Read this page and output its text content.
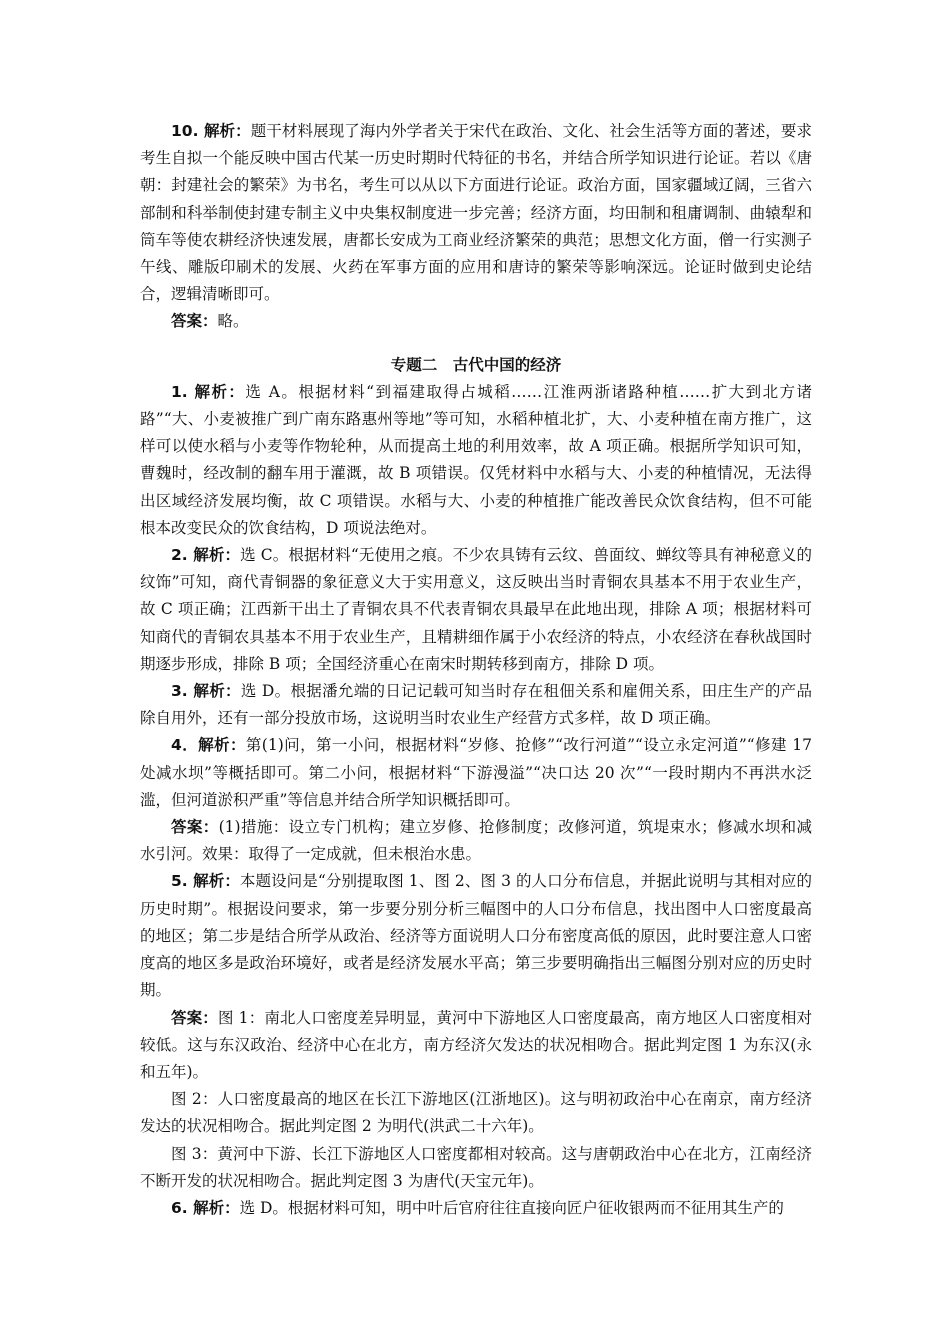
10. 解析：题干材料展现了海内外学者关于宋代在政治、文化、社会生活等方面的著述，要求考生自拟一个能反映中国古代某一历史时期时代特征的书名，并结合所学知识进行论证。若以《唐朝：封建社会的繁荣》为书名，考生可以从以下方面进行论证。政治方面，国家疆域辽阔，三省六部制和科举制使封建专制主义中央集权制度进一步完善；经济方面，均田制和租庸调制、曲辕犁和筒车等使农耕经济快速发展，唐都长安成为工商业经济繁荣的典范；思想文化方面，僧一行实测子午线、雕版印刷术的发展、火药在军事方面的应用和唐诗的繁荣等影响深远。论证时做到史论结合，逻辑清晰即可。

答案：略。

专题二　古代中国的经济

1. 解析：选 A。根据材料“到福建取得占城稻……江淮两浙诸路种植……扩大到北方诸路”“大、小麦被推广到广南东路惠州等地”等可知，水稻种植北扩，大、小麦种植在南方推广，这样可以使水稻与小麦等作物轮种，从而提高土地的利用效率，故 A 项正确。根据所学知识可知，曹魏时，经改制的翻车用于灌溉，故 B 项错误。仅凭材料中水稻与大、小麦的种植情况，无法得出区域经济发展均衡，故 C 项错误。水稻与大、小麦的种植推广能改善民众饮食结构，但不可能根本改变民众的饮食结构，D 项说法绝对。

2. 解析：选 C。根据材料“无使用之痕。不少农具铸有云纹、兽面纹、蝉纹等具有神秘意义的纹饰”可知，商代青铜器的象征意义大于实用意义，这反映出当时青铜农具基本不用于农业生产，故 C 项正确；江西新干出土了青铜农具不代表青铜农具最早在此地出现，排除 A 项；根据材料可知商代的青铜农具基本不用于农业生产，且精耕细作属于小农经济的特点，小农经济在春秋战国时期逐步形成，排除 B 项；全国经济重心在南宋时期转移到南方，排除 D 项。

3. 解析：选 D。根据潘允端的日记记载可知当时存在租佃关系和雇佣关系，田庄生产的产品除自用外，还有一部分投放市场，这说明当时农业生产经营方式多样，故 D 项正确。

4．解析：第(1)问，第一小问，根据材料“岁修、抢修”“改行河道”“设立永定河道”“修建 17 处减水坝”等概括即可。第二小问，根据材料“下游漫溢”“决口达 20 次”“一段时期内不再洪水泛滥，但河道淤积严重”等信息并结合所学知识概括即可。

答案：(1)措施：设立专门机构；建立岁修、抢修制度；改修河道，筑堤束水；修减水坝和减水引河。效果：取得了一定成就，但未根治水患。

5. 解析：本题设问是“分别提取图 1、图 2、图 3 的人口分布信息，并据此说明与其相对应的历史时期”。根据设问要求，第一步要分别分析三幅图中的人口分布信息，找出图中人口密度最高的地区；第二步是结合所学从政治、经济等方面说明人口分布密度高低的原因，此时要注意人口密度高的地区多是政治环境好，或者是经济发展水平高；第三步要明确指出三幅图分别对应的历史时期。

答案：图 1：南北人口密度差异明显，黄河中下游地区人口密度最高，南方地区人口密度相对较低。这与东汉政治、经济中心在北方，南方经济欠发达的状况相吻合。据此判定图 1 为东汉(永和五年)。

图 2：人口密度最高的地区在长江下游地区(江浙地区)。这与明初政治中心在南京，南方经济发达的状况相吻合。据此判定图 2 为明代(洪武二十六年)。

图 3：黄河中下游、长江下游地区人口密度都相对较高。这与唐朝政治中心在北方，江南经济不断开发的状况相吻合。据此判定图 3 为唐代(天宝元年)。

6. 解析：选 D。根据材料可知，明中叶后官府往往直接向匠户征收银两而不征用其生产的
